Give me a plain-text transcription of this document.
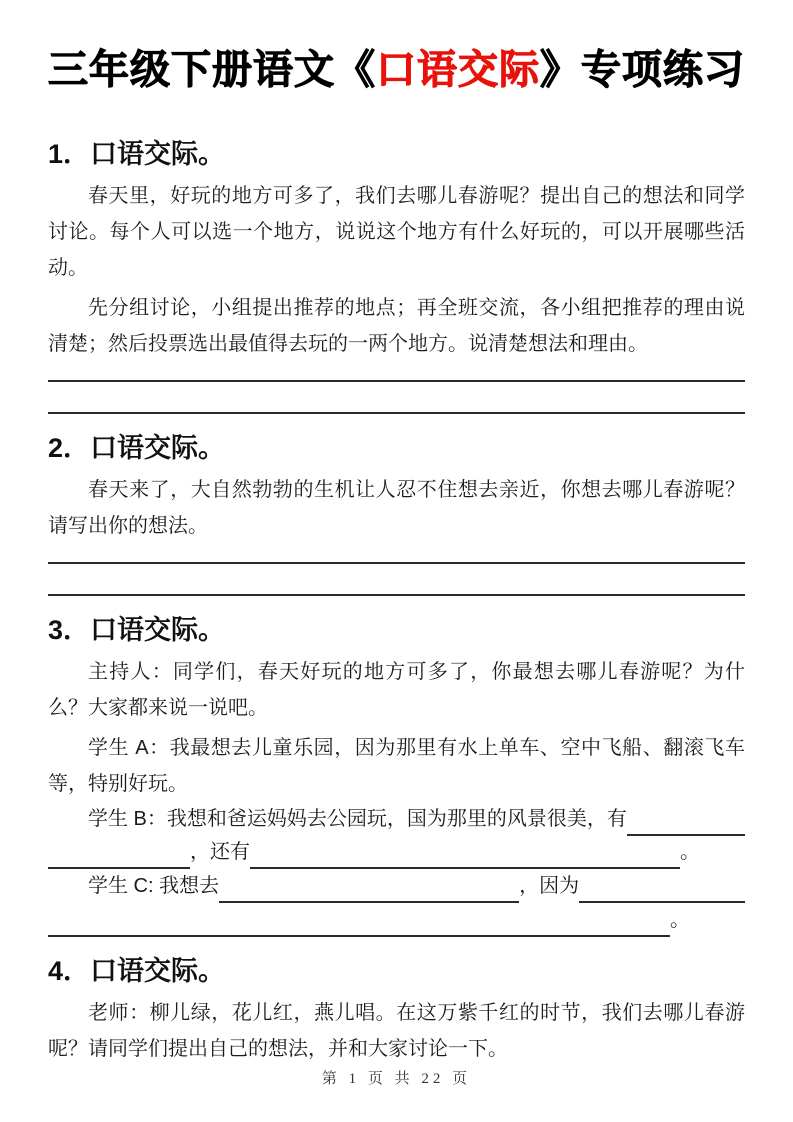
三年级下册语文《口语交际》专项练习
1．口语交际。

春天里，好玩的地方可多了，我们去哪儿春游呢？提出自己的想法和同学讨论。每个人可以选一个地方，说说这个地方有什么好玩的，可以开展哪些活动。

先分组讨论，小组提出推荐的地点；再全班交流，各小组把推荐的理由说清楚；然后投票选出最值得去玩的一两个地方。说清楚想法和理由。

2．口语交际。

春天来了，大自然勃勃的生机让人忍不住想去亲近，你想去哪儿春游呢？请写出你的想法。

3．口语交际。

主持人：同学们，春天好玩的地方可多了，你最想去哪儿春游呢？为什么？大家都来说一说吧。

学生 A：我最想去儿童乐园，因为那里有水上单车、空中飞船、翻滚飞车等，特别好玩。

学生 B：我想和爸运妈妈去公园玩，国为那里的风景很美，有
，还有	。
学生 C: 我想去	，因为
。
4．口语交际。

老师：柳儿绿，花儿红，燕儿唱。在这万紫千红的时节，我们去哪儿春游呢？请同学们提出自己的想法，并和大家讨论一下。

第 1 页 共 22 页
